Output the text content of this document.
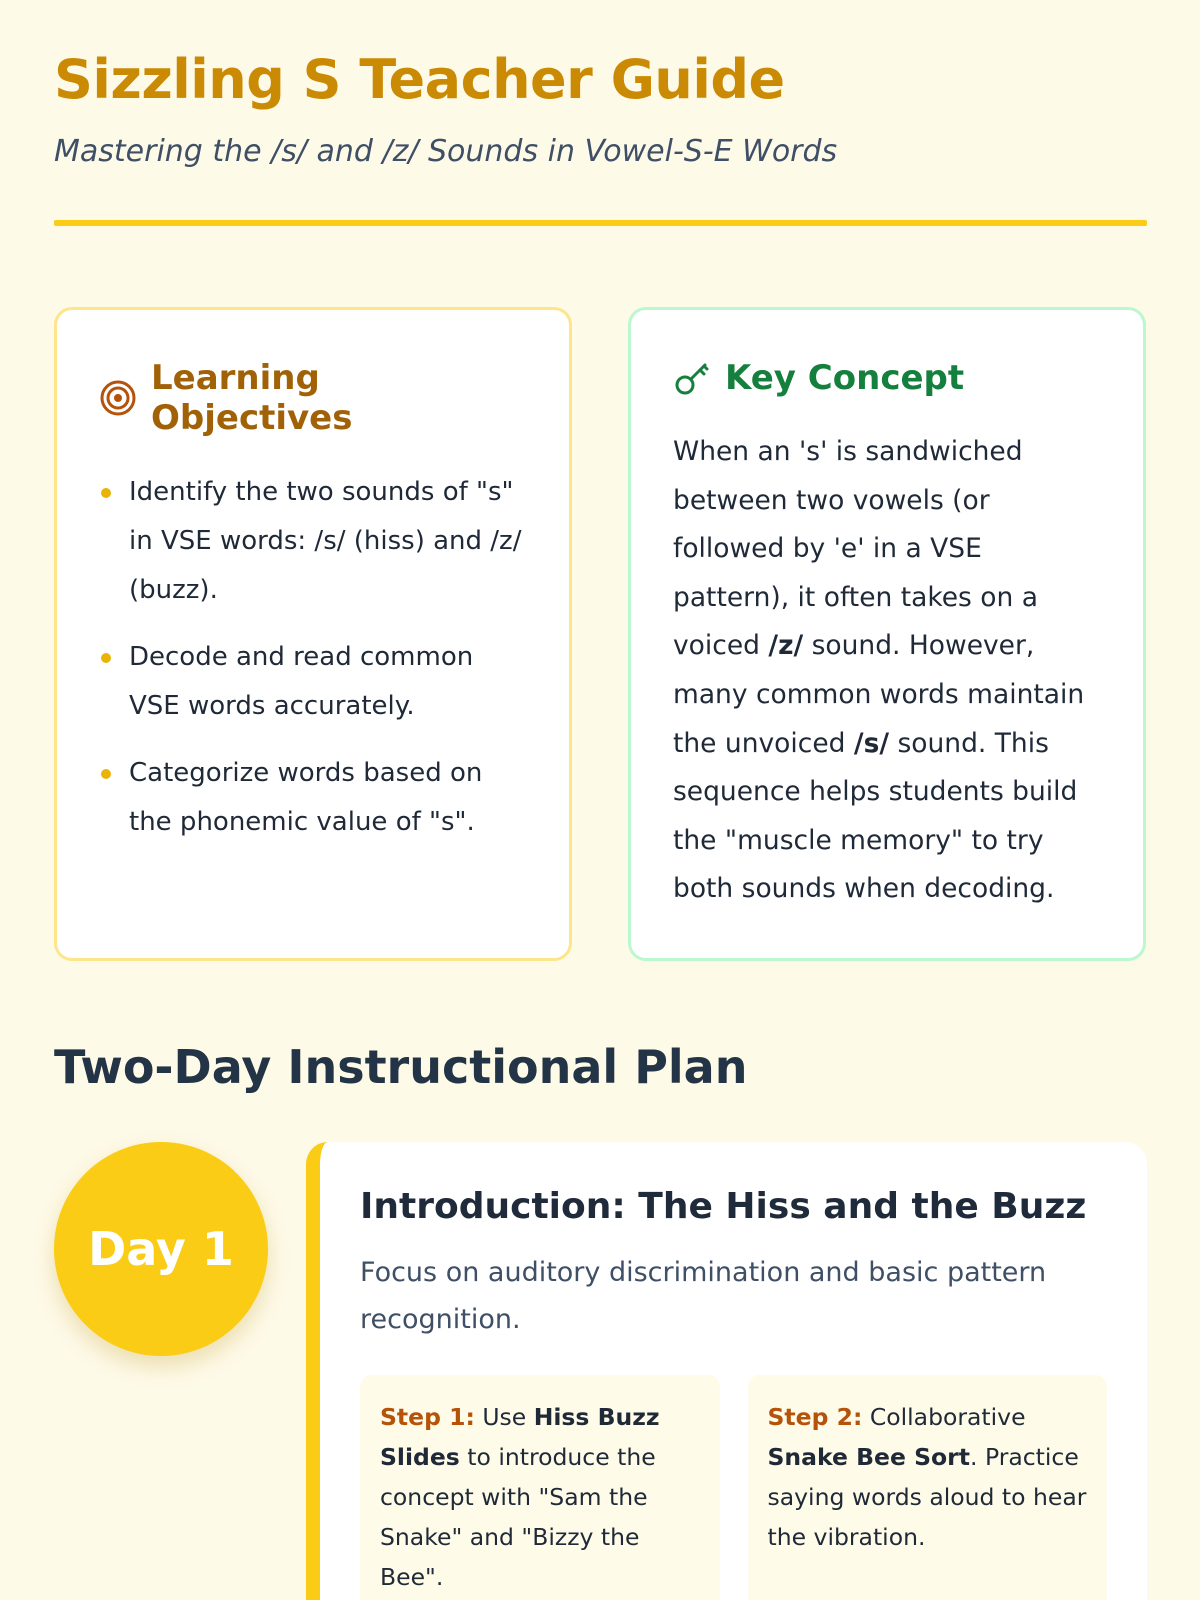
Sizzling S Teacher Guide
Mastering the /s/ and /z/ Sounds in Vowel-S-E Words
Learning Objectives
Identify the two sounds of "s" in VSE words: /s/ (hiss) and /z/ (buzz).
Decode and read common VSE words accurately.
Categorize words based on the phonemic value of "s".
Key Concept

When an 's' is sandwiched between two vowels (or followed by 'e' in a VSE pattern), it often takes on a voiced /z/ sound. However, many common words maintain the unvoiced /s/ sound. This sequence helps students build the "muscle memory" to try both sounds when decoding.

Two-Day Instructional Plan
Day 1
Introduction: The Hiss and the Buzz

Focus on auditory discrimination and basic pattern recognition.

Step 1: Use Hiss Buzz Slides to introduce the concept with "Sam the Snake" and "Bizzy the Bee".
Step 2: Collaborative Snake Bee Sort. Practice saying words aloud to hear the vibration.
